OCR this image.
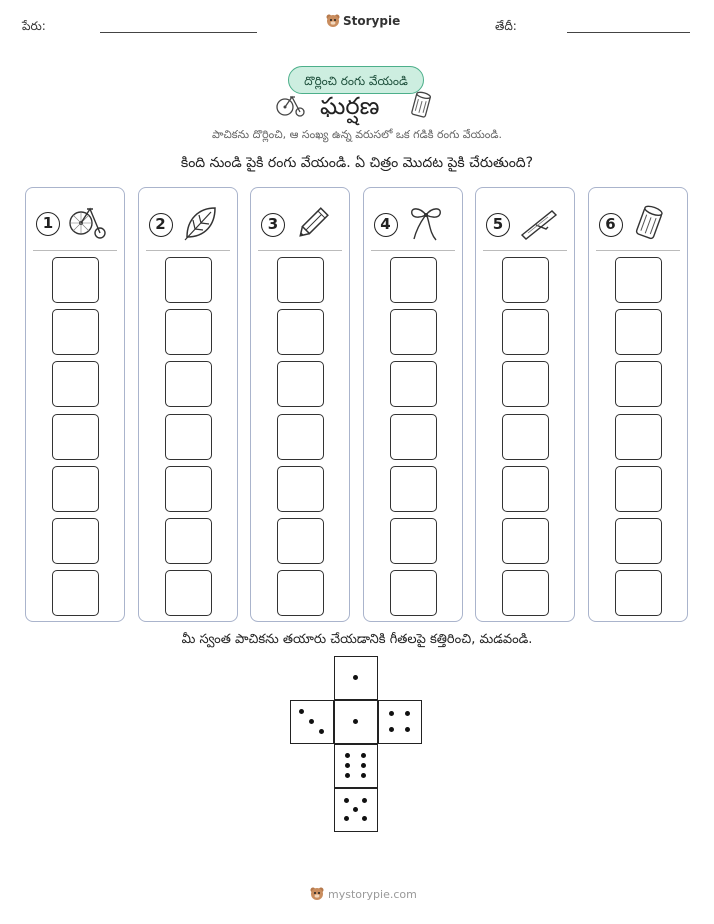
పేరు:	Storypie	తేదీ:
దొర్లించి రంగు వేయండి
ఘర్షణ
పాచికను దొర్లించి, ఆ సంఖ్య ఉన్న వరుసలో ఒక గడికి రంగు వేయండి.
కింది నుండి పైకి రంగు వేయండి. ఏ చిత్రం మొదట పైకి చేరుతుంది?
1	2	3	4	5	6
మీ స్వంత పాచికను తయారు చేయడానికి గీతలపై కత్తిరించి, మడవండి.
mystorypie.com
